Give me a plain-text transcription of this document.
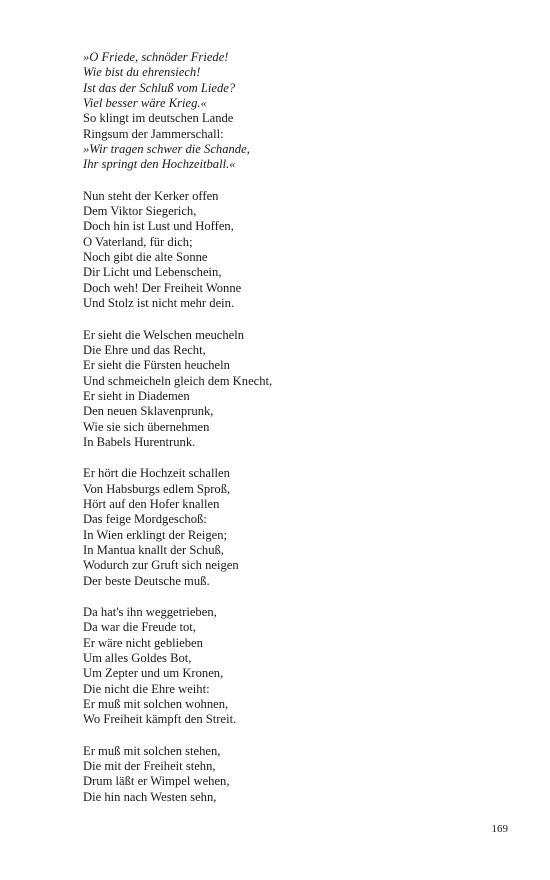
»O Friede, schnöder Friede!
Wie bist du ehrensiech!
Ist das der Schluß vom Liede?
Viel besser wäre Krieg.«
So klingt im deutschen Lande
Ringsum der Jammerschall:
»Wir tragen schwer die Schande,
Ihr springt den Hochzeitball.«
Nun steht der Kerker offen
Dem Viktor Siegerich,
Doch hin ist Lust und Hoffen,
O Vaterland, für dich;
Noch gibt die alte Sonne
Dir Licht und Lebenschein,
Doch weh! Der Freiheit Wonne
Und Stolz ist nicht mehr dein.
Er sieht die Welschen meucheln
Die Ehre und das Recht,
Er sieht die Fürsten heucheln
Und schmeicheln gleich dem Knecht,
Er sieht in Diademen
Den neuen Sklavenprunk,
Wie sie sich übernehmen
In Babels Hurentrunk.
Er hört die Hochzeit schallen
Von Habsburgs edlem Sproß,
Hört auf den Hofer knallen
Das feige Mordgeschoß:
In Wien erklingt der Reigen;
In Mantua knallt der Schuß,
Wodurch zur Gruft sich neigen
Der beste Deutsche muß.
Da hat's ihn weggetrieben,
Da war die Freude tot,
Er wäre nicht geblieben
Um alles Goldes Bot,
Um Zepter und um Kronen,
Die nicht die Ehre weiht:
Er muß mit solchen wohnen,
Wo Freiheit kämpft den Streit.
Er muß mit solchen stehen,
Die mit der Freiheit stehn,
Drum läßt er Wimpel wehen,
Die hin nach Westen sehn,
169
